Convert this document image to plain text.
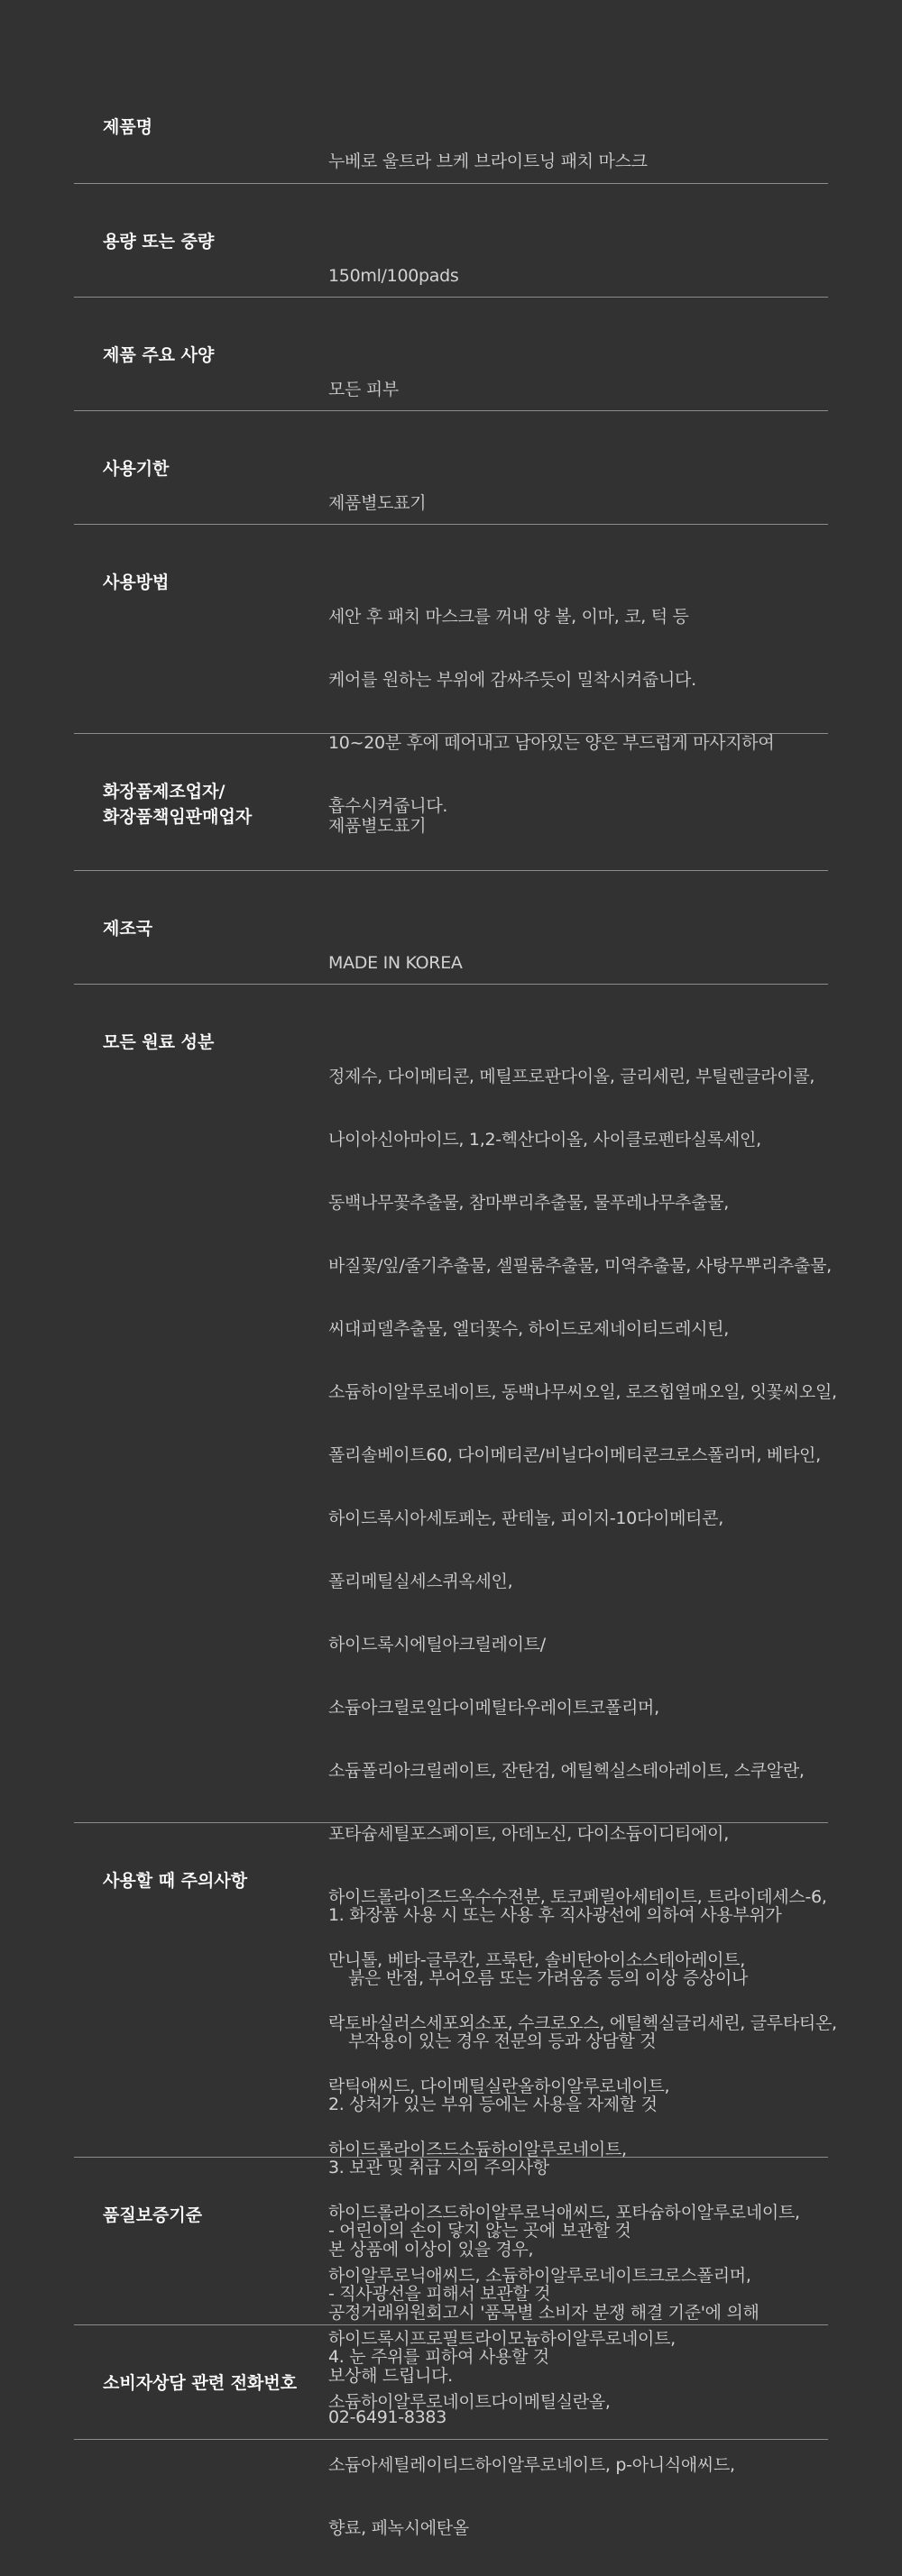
제품명

누베로 울트라 브케 브라이트닝 패치 마스크

용량 또는 중량

150ml/100pads

제품 주요 사양

모든 피부

사용기한

제품별도표기

사용방법

세안 후 패치 마스크를 꺼내 양 볼, 이마, 코, 턱 등

케어를 원하는 부위에 감싸주듯이 밀착시켜줍니다.

10~20분 후에 떼어내고 남아있는 양은 부드럽게 마사지하여

흡수시켜줍니다.

화장품제조업자/
화장품책임판매업자	제품별도표기

제조국

MADE IN KOREA

모든 원료 성분

정제수, 다이메티콘, 메틸프로판다이올, 글리세린, 부틸렌글라이콜,

나이아신아마이드, 1,2-헥산다이올, 사이클로펜타실록세인,

동백나무꽃추출물, 참마뿌리추출물, 물푸레나무추출물,

바질꽃/잎/줄기추출물, 셀필룸추출물, 미역추출물, 사탕무뿌리추출물,

씨대피델추출물, 엘더꽃수, 하이드로제네이티드레시틴,

소듐하이알루로네이트, 동백나무씨오일, 로즈힙열매오일, 잇꽃씨오일,

폴리솔베이트60, 다이메티콘/비닐다이메티콘크로스폴리머, 베타인,

하이드록시아세토페논, 판테놀, 피이지-10다이메티콘,

폴리메틸실세스퀴옥세인,

하이드록시에틸아크릴레이트/

소듐아크릴로일다이메틸타우레이트코폴리머,

소듐폴리아크릴레이트, 잔탄검, 에틸헥실스테아레이트, 스쿠알란,

포타슘세틸포스페이트, 아데노신, 다이소듐이디티에이,

하이드롤라이즈드옥수수전분, 토코페릴아세테이트, 트라이데세스-6,

만니톨, 베타-글루칸, 프룩탄, 솔비탄아이소스테아레이트,

락토바실러스세포외소포, 수크로오스, 에틸헥실글리세린, 글루타티온,

락틱애씨드, 다이메틸실란올하이알루로네이트,

하이드롤라이즈드소듐하이알루로네이트,

하이드롤라이즈드하이알루로닉애씨드, 포타슘하이알루로네이트,

하이알루로닉애씨드, 소듐하이알루로네이트크로스폴리머,

하이드록시프로필트라이모늄하이알루로네이트,

소듐하이알루로네이트다이메틸실란올,

소듐아세틸레이티드하이알루로네이트, p-아니식애씨드,

향료, 페녹시에탄올

사용할 때 주의사항

1. 화장품 사용 시 또는 사용 후 직사광선에 의하여 사용부위가

붉은 반점, 부어오름 또는 가려움증 등의 이상 증상이나

부작용이 있는 경우 전문의 등과 상담할 것

2. 상처가 있는 부위 등에는 사용을 자제할 것

3. 보관 및 취급 시의 주의사항

- 어린이의 손이 닿지 않는 곳에 보관할 것

- 직사광선을 피해서 보관할 것

4. 눈 주위를 피하여 사용할 것

품질보증기준

본 상품에 이상이 있을 경우,

공정거래위원회고시 '품목별 소비자 분쟁 해결 기준'에 의해

보상해 드립니다.

소비자상담 관련 전화번호

02-6491-8383
